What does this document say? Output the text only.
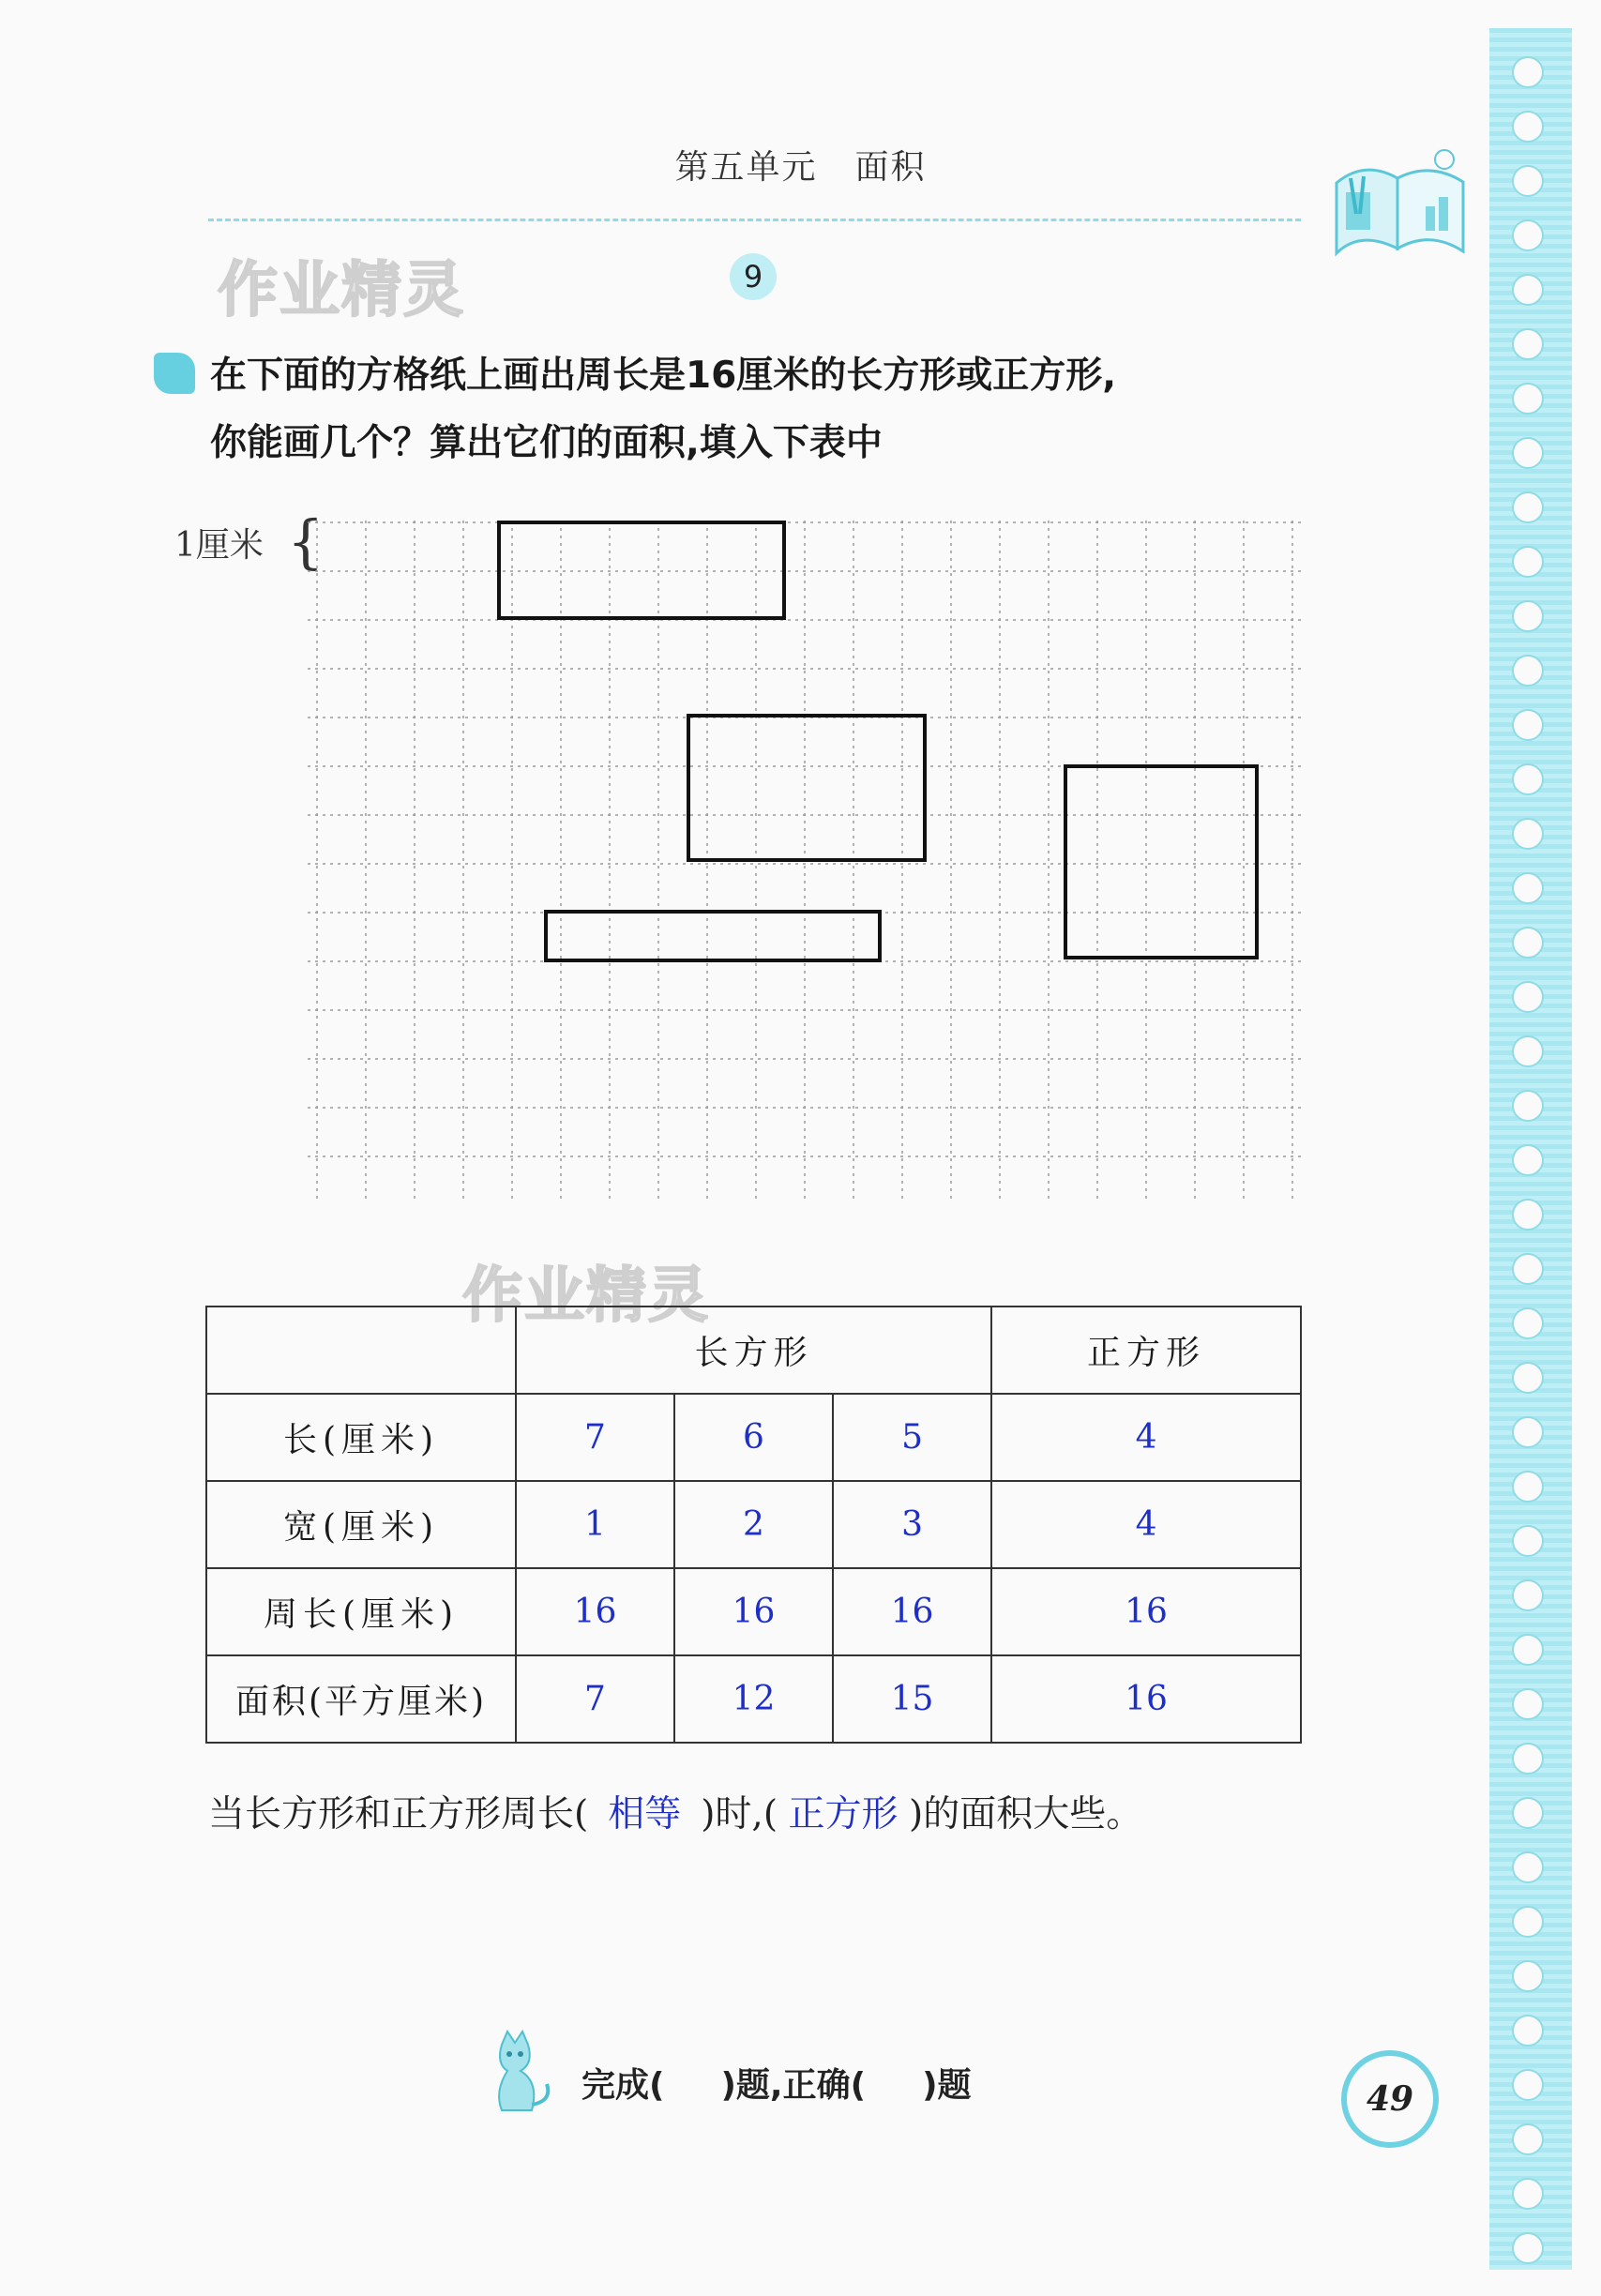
第五单元 面积
作业精灵	9
在下面的方格纸上画出周长是16厘米的长方形或正方形,
你能画几个？算出它们的面积,填入下表中
1厘米 {
作业精灵
	长方形			正方形
长(厘米)	7	6	5	4
宽(厘米)	1	2	3	4
周长(厘米)	16	16	16	16
面积(平方厘米)	7	12	15	16
当长方形和正方形周长( 相等 )时,( 正方形 )的面积大些。
完成( )题,正确( )题	49
